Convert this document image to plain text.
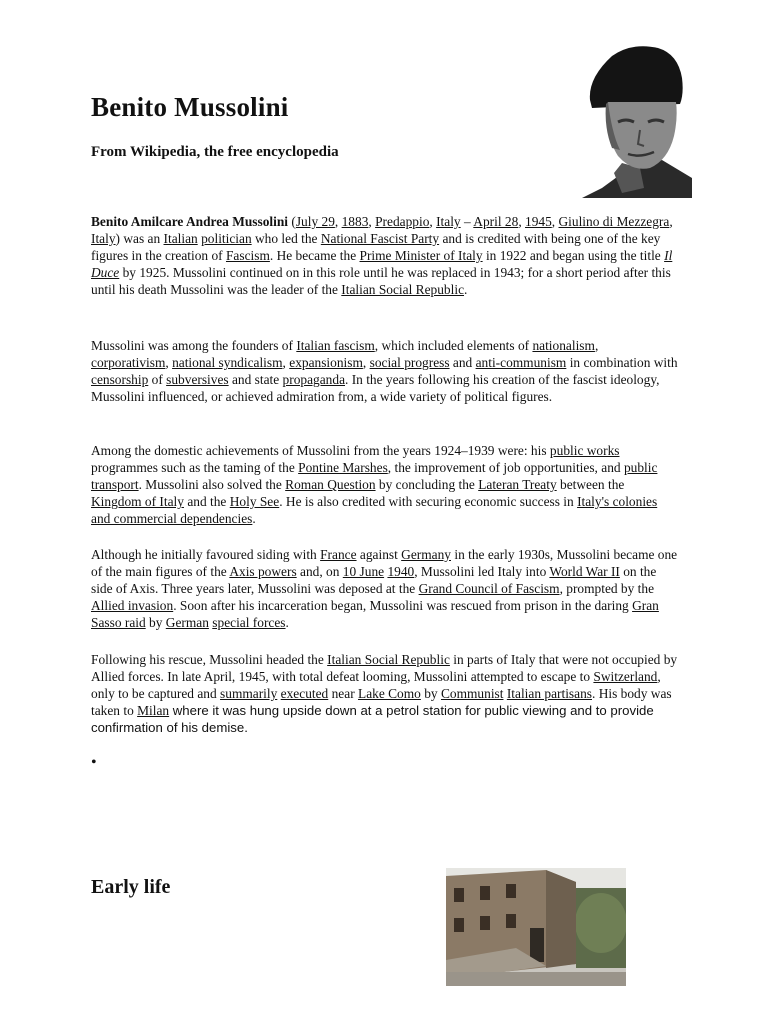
Benito Mussolini

From Wikipedia, the free encyclopedia

Benito Amilcare Andrea Mussolini (July 29, 1883, Predappio, Italy – April 28, 1945, Giulino di Mezzegra, Italy) was an Italian politician who led the National Fascist Party and is credited with being one of the key figures in the creation of Fascism. He became the Prime Minister of Italy in 1922 and began using the title Il Duce by 1925. Mussolini continued on in this role until he was replaced in 1943; for a short period after this until his death Mussolini was the leader of the Italian Social Republic.

Mussolini was among the founders of Italian fascism, which included elements of nationalism, corporativism, national syndicalism, expansionism, social progress and anti-communism in combination with censorship of subversives and state propaganda. In the years following his creation of the fascist ideology, Mussolini influenced, or achieved admiration from, a wide variety of political figures.

Among the domestic achievements of Mussolini from the years 1924–1939 were: his public works programmes such as the taming of the Pontine Marshes, the improvement of job opportunities, and public transport. Mussolini also solved the Roman Question by concluding the Lateran Treaty between the Kingdom of Italy and the Holy See. He is also credited with securing economic success in Italy's colonies and commercial dependencies.

Although he initially favoured siding with France against Germany in the early 1930s, Mussolini became one of the main figures of the Axis powers and, on 10 June 1940, Mussolini led Italy into World War II on the side of Axis. Three years later, Mussolini was deposed at the Grand Council of Fascism, prompted by the Allied invasion. Soon after his incarceration began, Mussolini was rescued from prison in the daring Gran Sasso raid by German special forces.

Following his rescue, Mussolini headed the Italian Social Republic in parts of Italy that were not occupied by Allied forces. In late April, 1945, with total defeat looming, Mussolini attempted to escape to Switzerland, only to be captured and summarily executed near Lake Como by Communist Italian partisans. His body was taken to Milan where it was hung upside down at a petrol station for public viewing and to provide confirmation of his demise.

•
Early life
